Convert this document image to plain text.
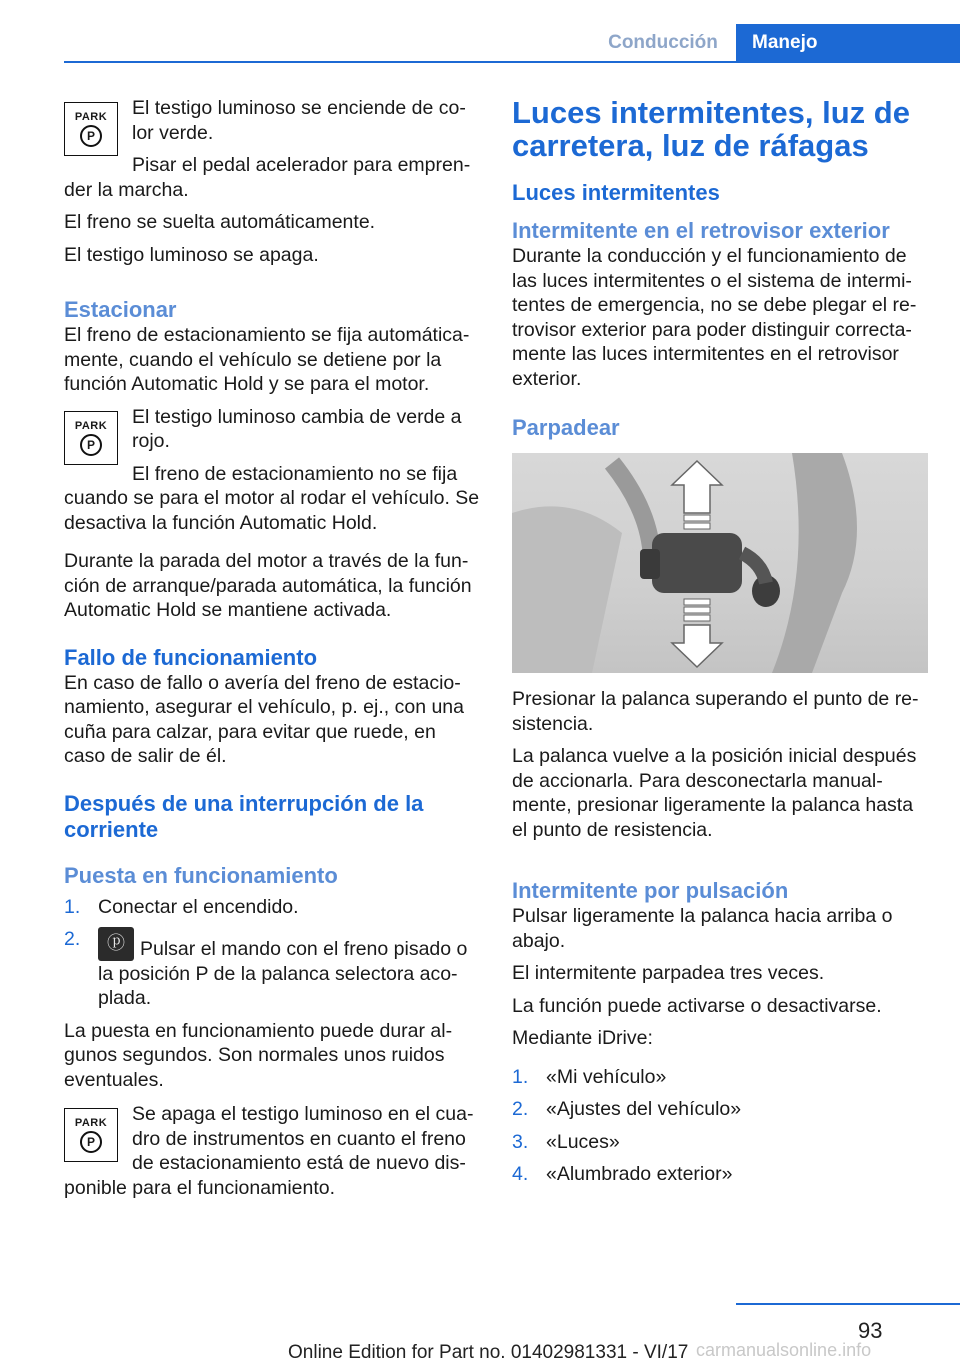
Conducción	Manejo
PARK
P

El testigo luminoso se enciende de co‐lor verde.

Pisar el pedal acelerador para empren‐der la marcha.

El freno se suelta automáticamente.

El testigo luminoso se apaga.

Estacionar

El freno de estacionamiento se fija automática‐mente, cuando el vehículo se detiene por la función Automatic Hold y se para el motor.

PARK
P

El testigo luminoso cambia de verde a rojo.

El freno de estacionamiento no se fija cuando se para el motor al rodar el vehículo. Se desactiva la función Automatic Hold.

Durante la parada del motor a través de la fun‐ción de arranque/parada automática, la función Automatic Hold se mantiene activada.

Fallo de funcionamiento

En caso de fallo o avería del freno de estacio‐namiento, asegurar el vehículo, p. ej., con una cuña para calzar, para evitar que ruede, en caso de salir de él.

Después de una interrupción de la corriente
Puesta en funcionamiento
1. Conectar el encendido.
2.
ⓟ	Pulsar el mando con el freno pisado o la posición P de la palanca selectora aco‐plada.

La puesta en funcionamiento puede durar al‐gunos segundos. Son normales unos ruidos eventuales.

PARK
P

Se apaga el testigo luminoso en el cua‐dro de instrumentos en cuanto el freno de estacionamiento está de nuevo dis‐ponible para el funcionamiento.

Luces intermitentes, luz de carretera, luz de ráfagas
Luces intermitentes
Intermitente en el retrovisor exterior

Durante la conducción y el funcionamiento de las luces intermitentes o el sistema de intermi‐tentes de emergencia, no se debe plegar el re‐trovisor exterior para poder distinguir correcta‐mente las luces intermitentes en el retrovisor exterior.

Parpadear

Presionar la palanca superando el punto de re‐sistencia.

La palanca vuelve a la posición inicial después de accionarla. Para desconectarla manual‐mente, presionar ligeramente la palanca hasta el punto de resistencia.

Intermitente por pulsación

Pulsar ligeramente la palanca hacia arriba o abajo.

El intermitente parpadea tres veces.

La función puede activarse o desactivarse.

Mediante iDrive:

1. «Mi vehículo»
2. «Ajustes del vehículo»
3. «Luces»
4. «Alumbrado exterior»
93
Online Edition for Part no. 01402981331 - VI/17 carmanualsonline.info
